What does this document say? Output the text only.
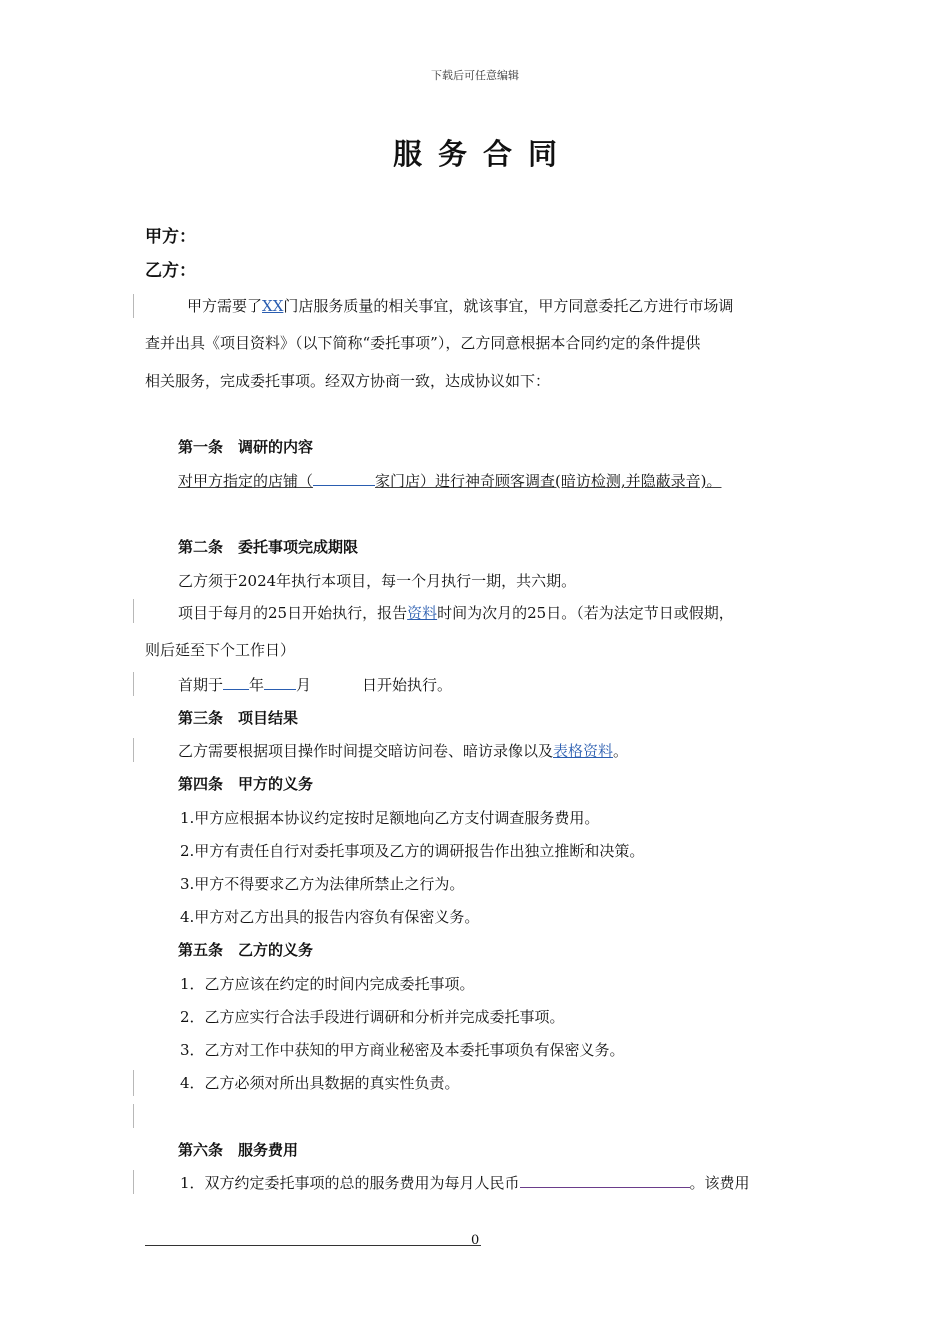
下载后可任意编辑
服务合同
甲方：
乙方：
甲方需要了XX门店服务质量的相关事宜，就该事宜，甲方同意委托乙方进行市场调
查并出具《项目资料》（以下简称“委托事项”），乙方同意根据本合同约定的条件提供
相关服务，完成委托事项。经双方协商一致，达成协议如下：
第一条　调研的内容
对甲方指定的店铺（	家门店）进行神奇顾客调查(暗访检测,并隐蔽录音)。
第二条　委托事项完成期限
乙方须于2024年执行本项目，每一个月执行一期，共六期。
项目于每月的25日开始执行，报告资料时间为次月的25日。（若为法定节日或假期，
则后延至下个工作日）
首期于 年 月	日开始执行。
第三条　项目结果
乙方需要根据项目操作时间提交暗访问卷、暗访录像以及表格资料。
第四条　甲方的义务
1.甲方应根据本协议约定按时足额地向乙方支付调查服务费用。
2.甲方有责任自行对委托事项及乙方的调研报告作出独立推断和决策。
3.甲方不得要求乙方为法律所禁止之行为。
4.甲方对乙方出具的报告内容负有保密义务。
第五条　乙方的义务
1．乙方应该在约定的时间内完成委托事项。
2．乙方应实行合法手段进行调研和分析并完成委托事项。
3．乙方对工作中获知的甲方商业秘密及本委托事项负有保密义务。
4．乙方必须对所出具数据的真实性负责。
第六条　服务费用
1．双方约定委托事项的总的服务费用为每月人民币	。该费用
0
